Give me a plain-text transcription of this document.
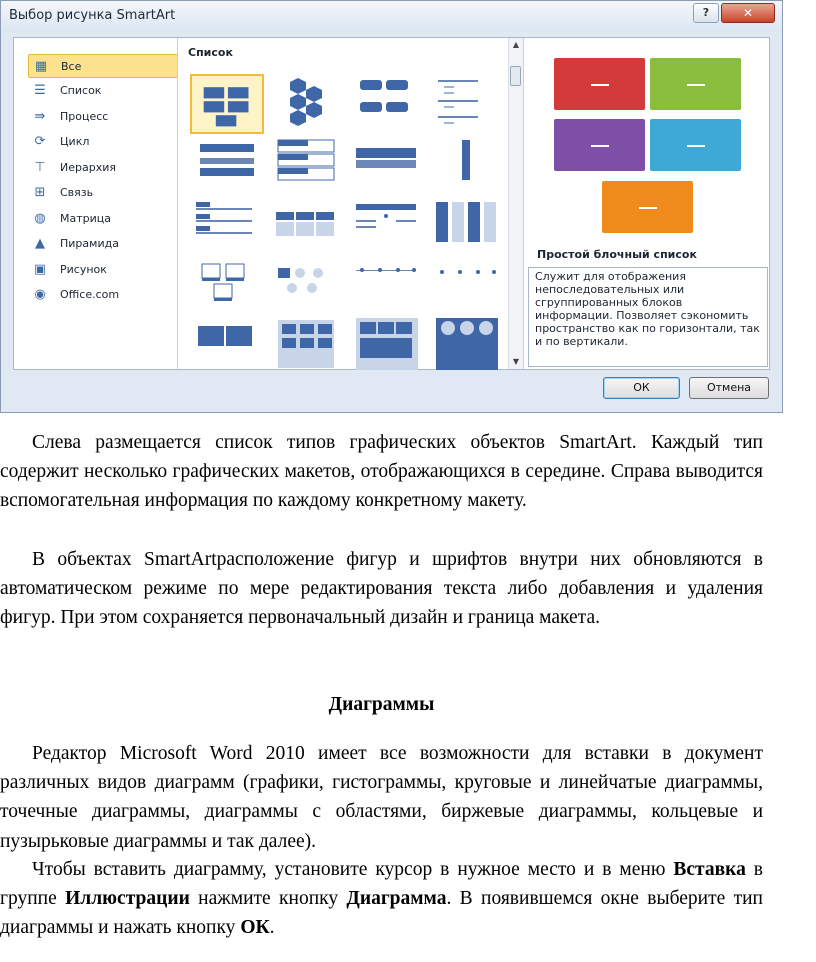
Выбор рисунка SmartArt	?	✕
▦ Все
☰ Список
⇛ Процесс
⟳ Цикл
⊤ Иерархия
⊞ Связь
◍ Матрица
▲ Пирамида
▣ Рисунок
◉ Office.com
Список
▲
▼
Простой блочный список
Служит для отображения непоследовательных или сгруппированных блоков информации. Позволяет сэкономить пространство как по горизонтали, так и по вертикали.
ОК	Отмена
Слева размещается список типов графических объектов SmartArt. Каждый тип содержит несколько графических макетов, отображающихся в середине. Справа выводится вспомогательная информация по каждому конкретному макету.
В объектах SmartArtрасположение фигур и шрифтов внутри них обновляются в автоматическом режиме по мере редактирования текста либо добавления и удаления фигур. При этом сохраняется первоначальный дизайн и граница макета.
Диаграммы
Редактор Microsoft Word 2010 имеет все возможности для вставки в документ различных видов диаграмм (графики, гистограммы, круговые и линейчатые диаграммы, точечные диаграммы, диаграммы с областями, биржевые диаграммы, кольцевые и пузырьковые диаграммы и так далее).
Чтобы вставить диаграмму, установите курсор в нужное место и в меню Вставка в группе Иллюстрации нажмите кнопку Диаграмма. В появившемся окне выберите тип диаграммы и нажать кнопку ОК.
